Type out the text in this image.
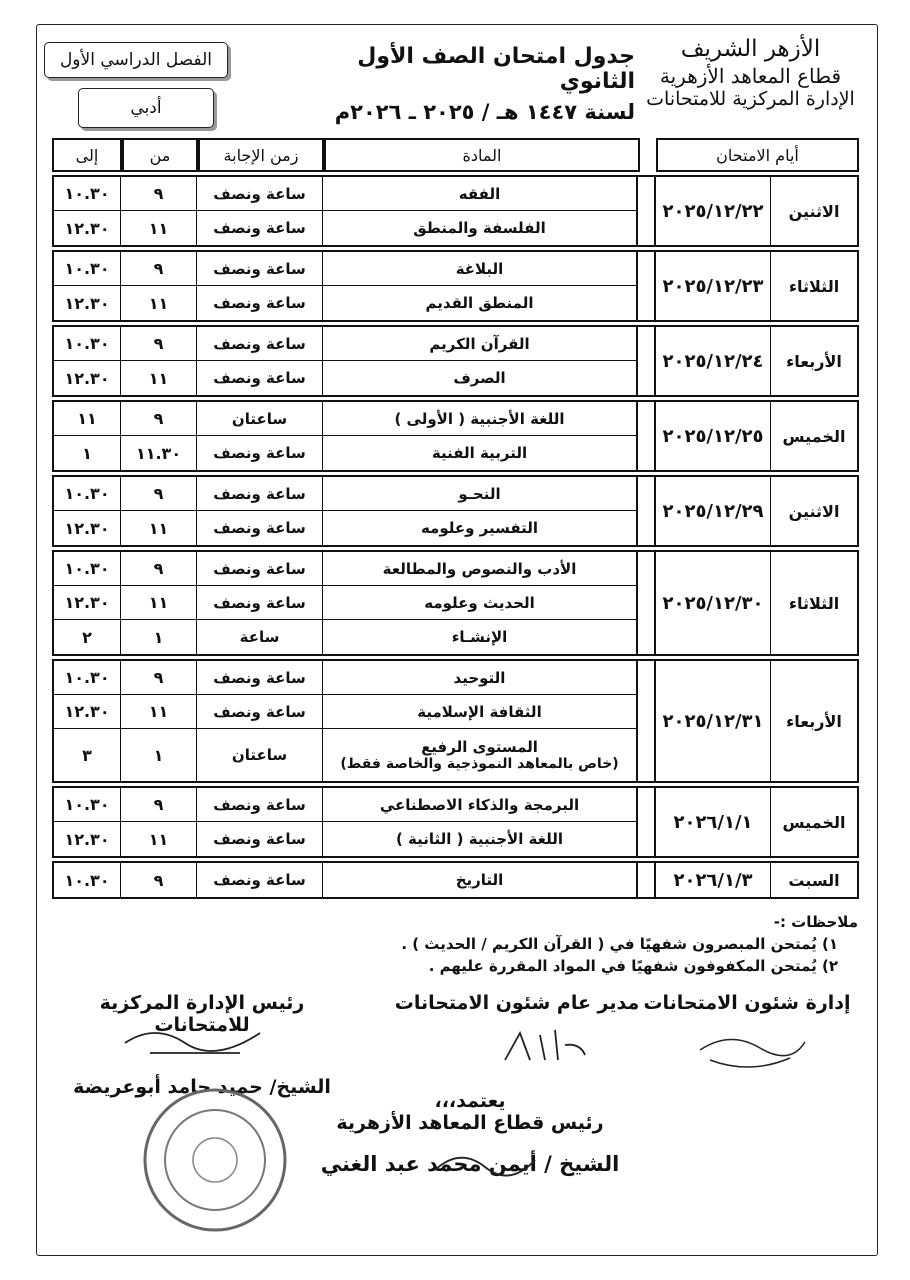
الأزهر الشريف
قطاع المعاهد الأزهرية
الإدارة المركزية للامتحانات
جدول امتحان الصف الأول الثانوي
لسنة ١٤٤٧ هـ / ٢٠٢٥ ـ ٢٠٢٦م
الفصل الدراسي الأول
أدبي
أيام الامتحان
المادة
زمن الإجابة
من
إلى
الاثنين
٢٠٢٥/١٢/٢٢
الفقه
ساعة ونصف
٩
١٠.٣٠
الفلسفة والمنطق
ساعة ونصف
١١
١٢.٣٠
الثلاثاء
٢٠٢٥/١٢/٢٣
البلاغة
ساعة ونصف
٩
١٠.٣٠
المنطق القديم
ساعة ونصف
١١
١٢.٣٠
الأربعاء
٢٠٢٥/١٢/٢٤
القرآن الكريم
ساعة ونصف
٩
١٠.٣٠
الصرف
ساعة ونصف
١١
١٢.٣٠
الخميس
٢٠٢٥/١٢/٢٥
اللغة الأجنبية ( الأولى )
ساعتان
٩
١١
التربية الفنية
ساعة ونصف
١١.٣٠
١
الاثنين
٢٠٢٥/١٢/٢٩
النحـو
ساعة ونصف
٩
١٠.٣٠
التفسير وعلومه
ساعة ونصف
١١
١٢.٣٠
الثلاثاء
٢٠٢٥/١٢/٣٠
الأدب والنصوص والمطالعة
ساعة ونصف
٩
١٠.٣٠
الحديث وعلومه
ساعة ونصف
١١
١٢.٣٠
الإنشـاء
ساعة
١
٢
الأربعاء
٢٠٢٥/١٢/٣١
التوحيد
ساعة ونصف
٩
١٠.٣٠
الثقافة الإسلامية
ساعة ونصف
١١
١٢.٣٠
المستوى الرفيع
(خاص بالمعاهد النموذجية والخاصة فقط)
ساعتان
١
٣
الخميس
٢٠٢٦/١/١
البرمجة والذكاء الاصطناعي
ساعة ونصف
٩
١٠.٣٠
اللغة الأجنبية ( الثانية )
ساعة ونصف
١١
١٢.٣٠
السبت
٢٠٢٦/١/٣
التاريخ
ساعة ونصف
٩
١٠.٣٠
ملاحظات :-
١) يُمتحن المبصرون شفهيًا في ( القرآن الكريم / الحديث ) .
٢) يُمتحن المكفوفون شفهيًا في المواد المقررة عليهم .
إدارة شئون الامتحانات
مدير عام شئون الامتحانات
رئيس الإدارة المركزية للامتحانات
الشيخ/ حميد حامد أبوعريضة
يعتمد،،،
رئيس قطاع المعاهد الأزهرية
الشيخ / أيمن محمد عبد الغني
